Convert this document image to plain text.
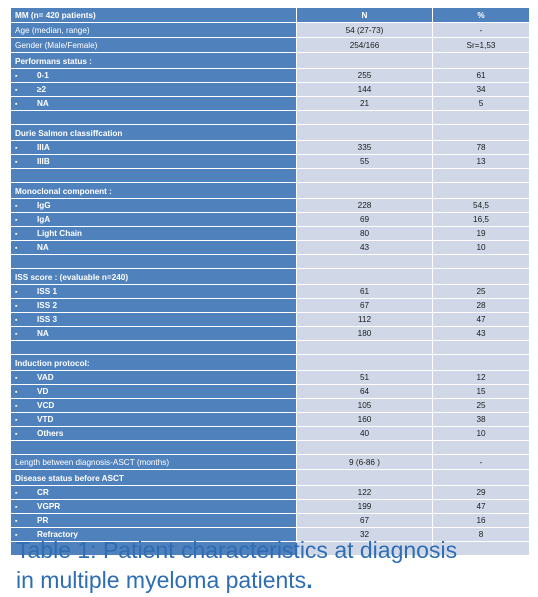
MM (n= 420 patients)	N	%
Age (median, range)	54 (27-73)	-
Gender (Male/Female)	254/166	Sr=1,53
Performans status :		
▪ 0-1	255	61
▪ ≥2	144	34
▪ NA	21	5

Durie Salmon classiffcation		
▪ IIIA	335	78
▪ IIIB	55	13

Monoclonal component :		
▪ IgG	228	54,5
▪ IgA	69	16,5
▪ Light Chain	80	19
▪ NA	43	10

ISS score : (evaluable n=240)		
▪ ISS 1	61	25
▪ ISS 2	67	28
▪ ISS 3	112	47
▪ NA	180	43

Induction protocol:		
▪ VAD	51	12
▪ VD	64	15
▪ VCD	105	25
▪ VTD	160	38
▪ Others	40	10

Length between diagnosis-ASCT (months)	9 (6-86 )	-
Disease status before ASCT		
▪ CR	122	29
▪ VGPR	199	47
▪ PR	67	16
▪ Refractory	32	8

Table 1: Patient characteristics at diagnosis
in multiple myeloma patients.
